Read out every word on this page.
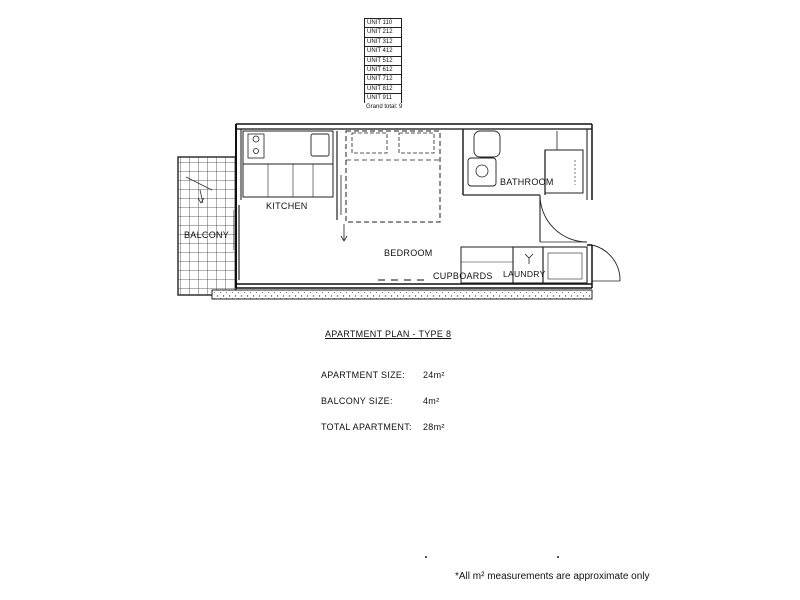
UNIT 110
UNIT 212
UNIT 312
UNIT 412
UNIT 512
UNIT 612
UNIT 712
UNIT 812
UNIT 911
Grand total: 9
KITCHEN
BALCONY
BEDROOM
BATHROOM
CUPBOARDS LAUNDRY
APARTMENT PLAN - TYPE 8
APARTMENT SIZE: 24m²
BALCONY SIZE:	4m²
TOTAL APARTMENT: 28m²
*All m² measurements are approximate only
